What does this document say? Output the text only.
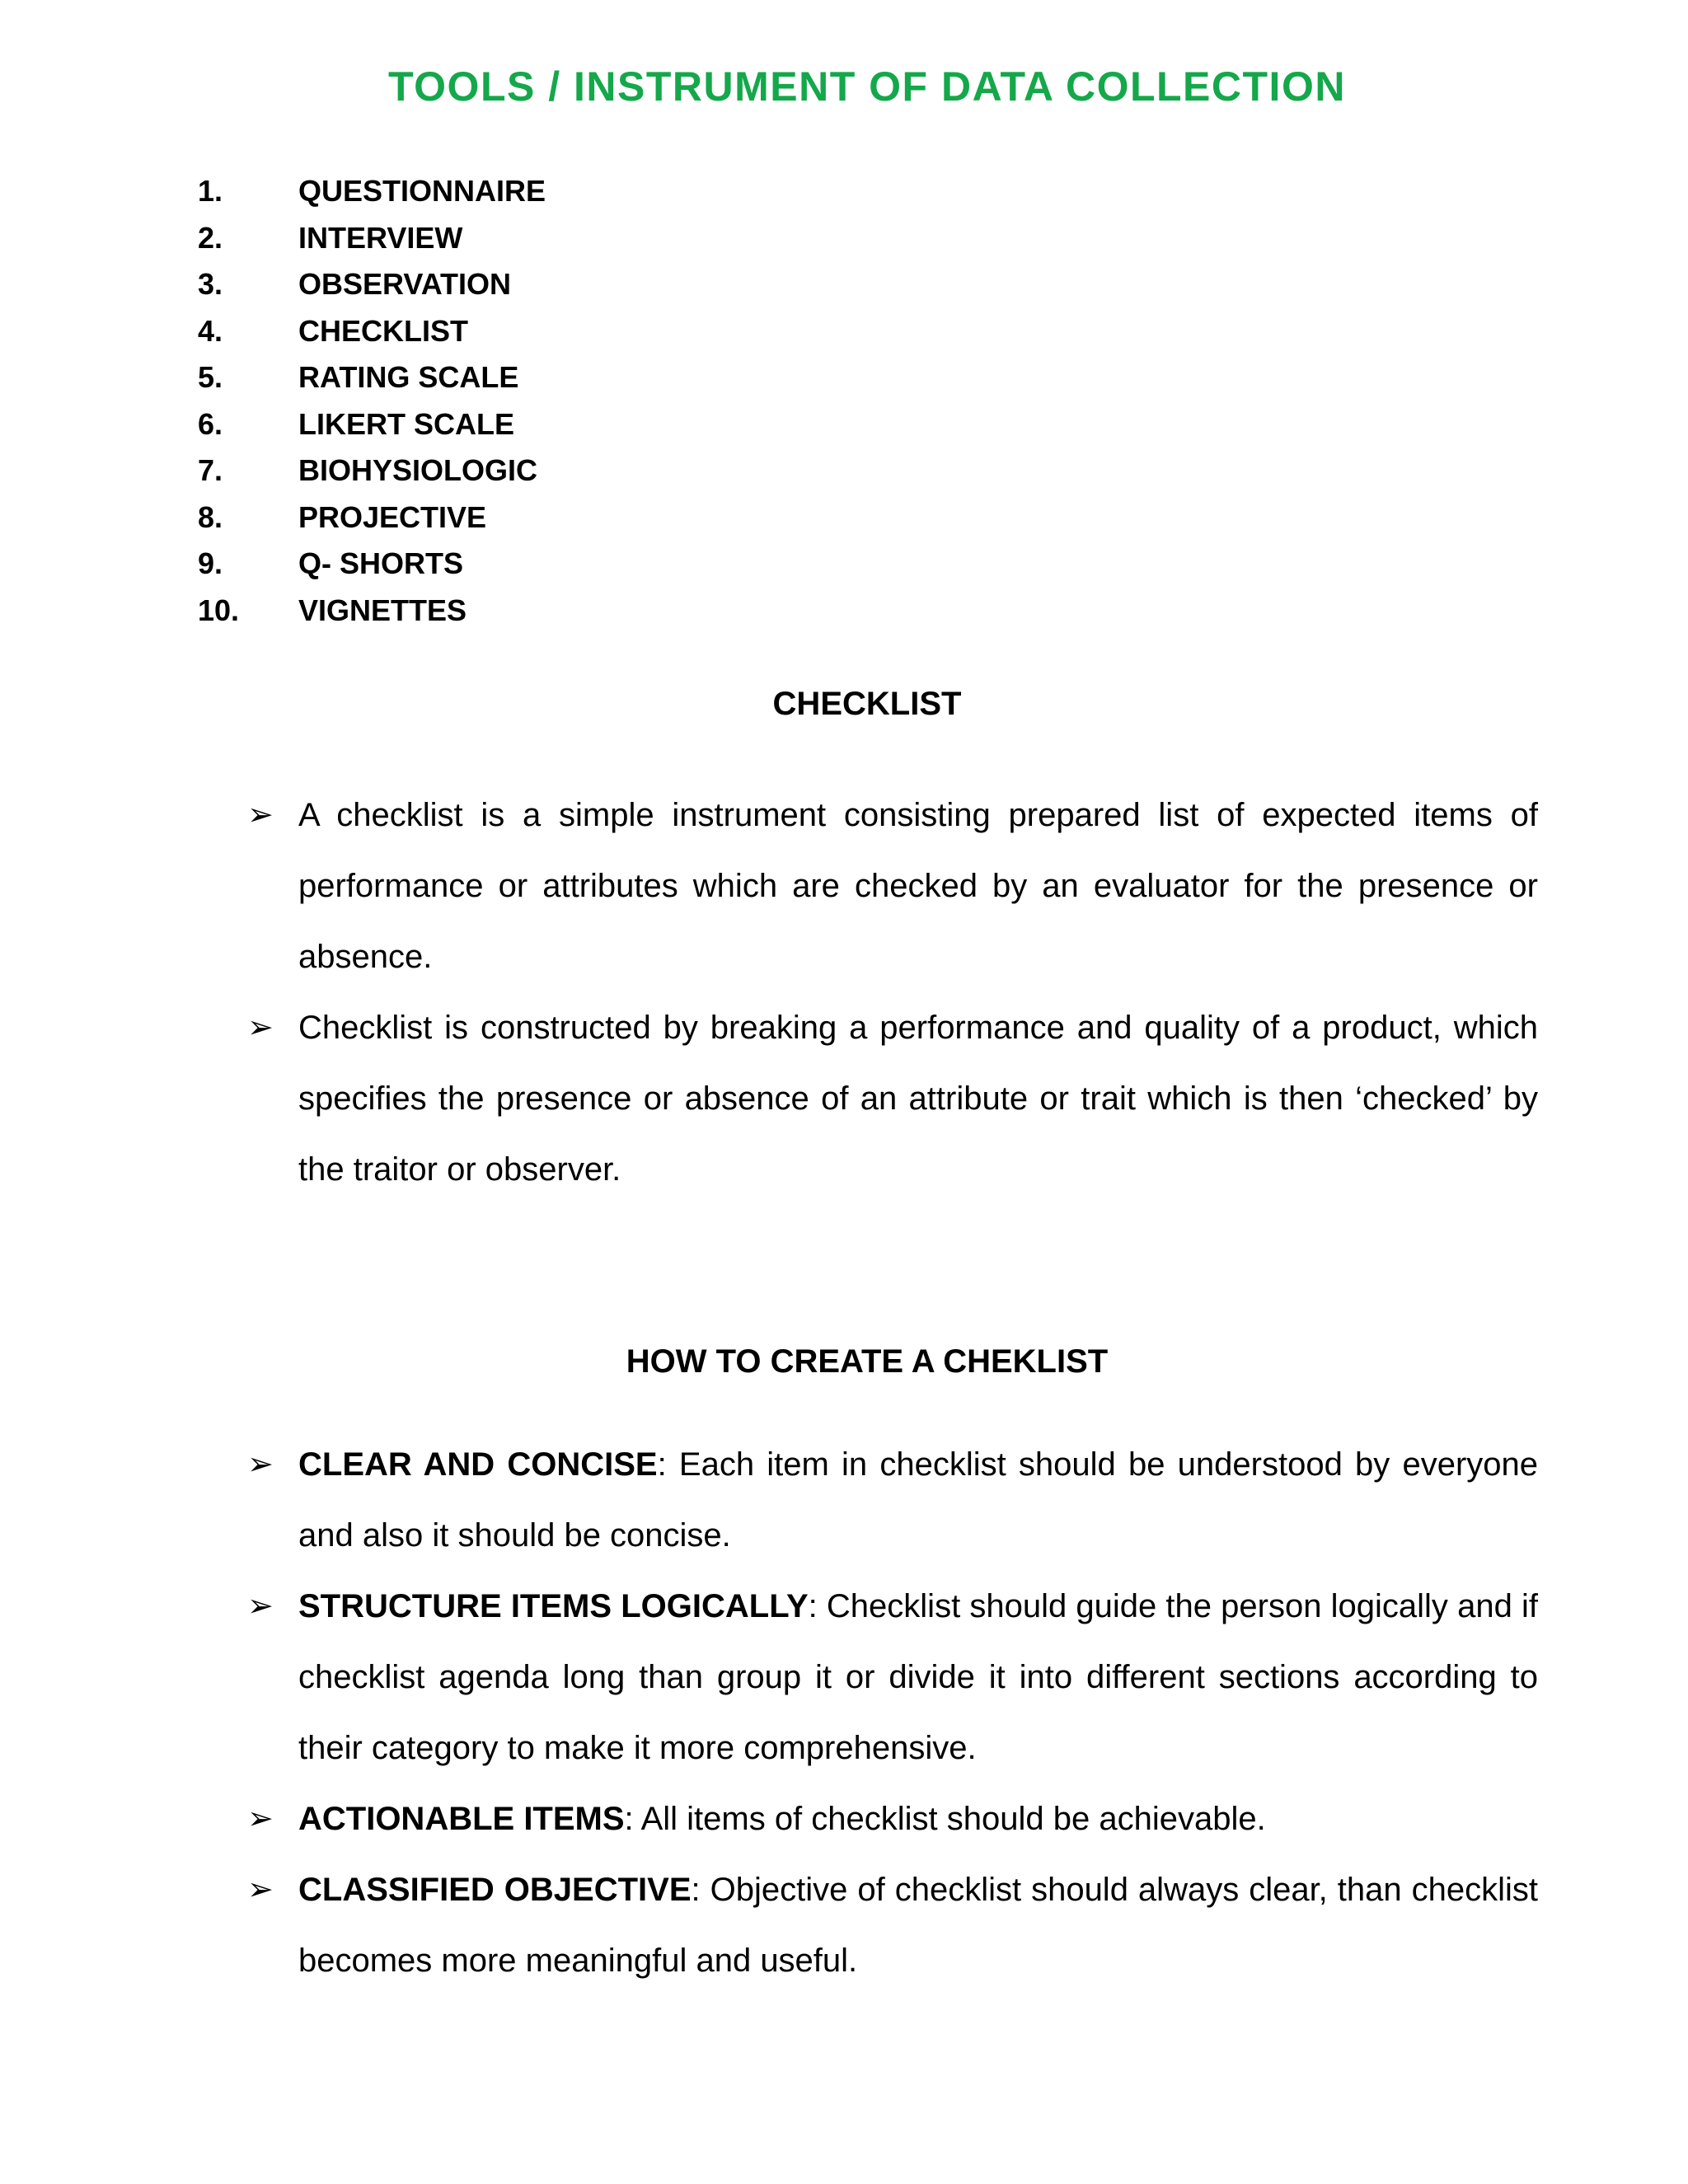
TOOLS / INSTRUMENT OF DATA COLLECTION
1.	QUESTIONNAIRE
2.	INTERVIEW
3.	OBSERVATION
4.	CHECKLIST
5.	RATING SCALE
6.	LIKERT SCALE
7.	BIOHYSIOLOGIC
8.	PROJECTIVE
9.	Q- SHORTS
10. VIGNETTES
CHECKLIST
➢ A checklist is a simple instrument consisting prepared list of expected items of performance or attributes which are checked by an evaluator for the presence or absence.
➢ Checklist is constructed by breaking a performance and quality of a product, which specifies the presence or absence of an attribute or trait which is then ‘checked’ by the traitor or observer.
HOW TO CREATE A CHEKLIST
➢ CLEAR AND CONCISE: Each item in checklist should be understood by everyone and also it should be concise.
➢ STRUCTURE ITEMS LOGICALLY: Checklist should guide the person logically and if checklist agenda long than group it or divide it into different sections according to their category to make it more comprehensive.
➢ ACTIONABLE ITEMS: All items of checklist should be achievable.
➢ CLASSIFIED OBJECTIVE: Objective of checklist should always clear, than checklist becomes more meaningful and useful.
